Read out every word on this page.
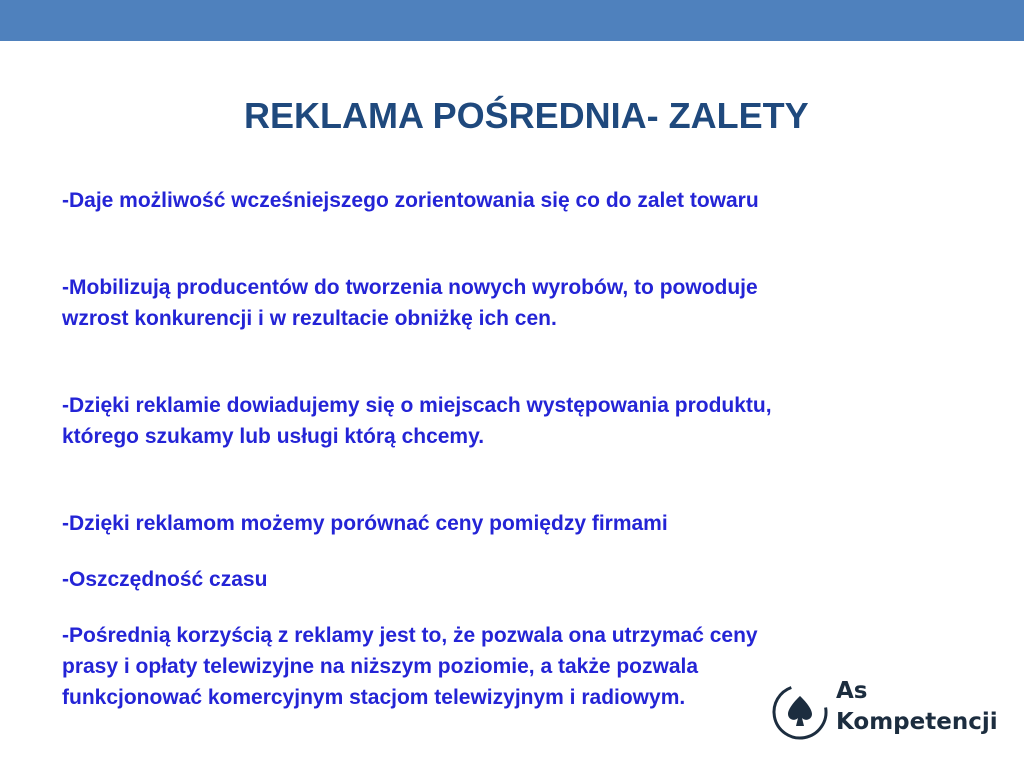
REKLAMA POŚREDNIA- ZALETY
-Daje możliwość wcześniejszego zorientowania się co do zalet towaru
-Mobilizują producentów do tworzenia nowych wyrobów, to powoduje
wzrost konkurencji i w rezultacie obniżkę ich cen.
-Dzięki reklamie dowiadujemy się o miejscach występowania produktu,
którego szukamy lub usługi którą chcemy.
-Dzięki reklamom możemy porównać ceny pomiędzy firmami
-Oszczędność czasu
-Pośrednią korzyścią z reklamy jest to, że pozwala ona utrzymać ceny
prasy i opłaty telewizyjne na niższym poziomie, a także pozwala
funkcjonować komercyjnym stacjom telewizyjnym i radiowym.	As
Kompetencji
